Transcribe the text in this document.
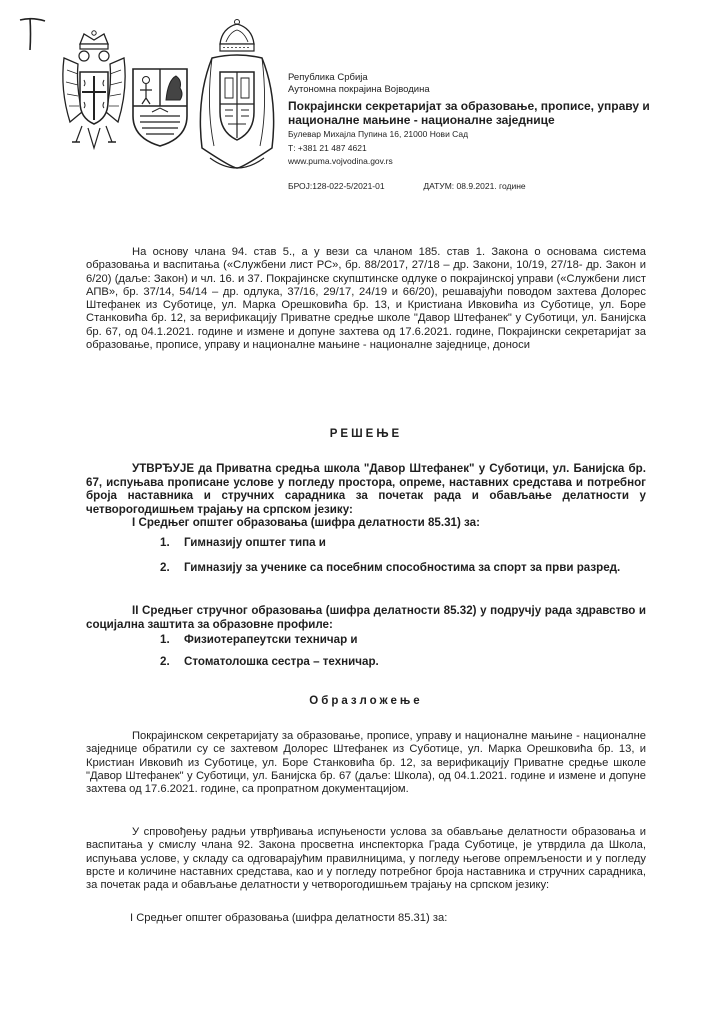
Република Србија
Аутономна покрајина Војводина
Покрајински секретаријат за образовање, прописе, управу и националне мањине - националне заједнице
Булевар Михајла Пупина 16, 21000 Нови Сад
Т: +381 21 487 4621
www.puma.vojvodina.gov.rs
БРОЈ:128-022-5/2021-01	ДАТУМ: 08.9.2021. године
На основу члана 94. став 5., а у вези са чланом 185. став 1. Закона о основама система образовања и васпитања («Службени лист РС», бр. 88/2017, 27/18 – др. Закони, 10/19, 27/18- др. Закон и 6/20) (даље: Закон) и чл. 16. и 37. Покрајинске скупштинске одлуке о покрајинској управи («Службени лист АПВ», бр. 37/14, 54/14 – др. одлука, 37/16, 29/17, 24/19 и 66/20), решавајући поводом захтева Долорес Штефанек из Суботице, ул. Марка Орешковића бр. 13, и Кристиана Ивковића из Суботице, ул. Боре Станковића бр. 12, за верификацију Приватне средње школе "Давор Штефанек" у Суботици, ул. Банијска бр. 67, од 04.1.2021. године и измене и допуне захтева од 17.6.2021. године, Покрајински секретаријат за образовање, прописе, управу и националне мањине - националне заједнице, доноси
РЕШЕЊЕ
УТВРЂУЈЕ да Приватна средња школа "Давор Штефанек" у Суботици, ул. Банијска бр. 67, испуњава прописане услове у погледу простора, опреме, наставних средстава и потребног броја наставника и стручних сарадника за почетак рада и обављање делатности у четворогодишњем трајању на српском језику:
I Средњег општег образовања (шифра делатности 85.31) за:
1. Гимназију општег типа и
2. Гимназију за ученике са посебним способностима за спорт за први разред.
II Средњег стручног образовања (шифра делатности 85.32) у подручју рада здравство и социјална заштита за образовне профиле:
1. Физиотерапеутски техничар и
2. Стоматолошка сестра – техничар.
Образложење
Покрајинском секретаријату за образовање, прописе, управу и националне мањине - националне заједнице обратили су се захтевом Долорес Штефанек из Суботице, ул. Марка Орешковића бр. 13, и Кристиан Ивковић из Суботице, ул. Боре Станковића бр. 12, за верификацију Приватне средње школе "Давор Штефанек" у Суботици, ул. Банијска бр. 67 (даље: Школа), од 04.1.2021. године и измене и допуне захтева од 17.6.2021. године, са пропратном документацијом.
У спровођењу радњи утврђивања испуњености услова за обављање делатности образовања и васпитања у смислу члана 92. Закона просветна инспекторка Града Суботице, је утврдила да Школа, испуњава услове, у складу са одговарајућим правилницима, у погледу његове опремљености и у погледу врсте и количине наставних средстава, као и у погледу потребног броја наставника и стручних сарадника, за почетак рада и обављање делатности у четворогодишњем трајању на српском језику:
I Средњег општег образовања (шифра делатности 85.31) за:
